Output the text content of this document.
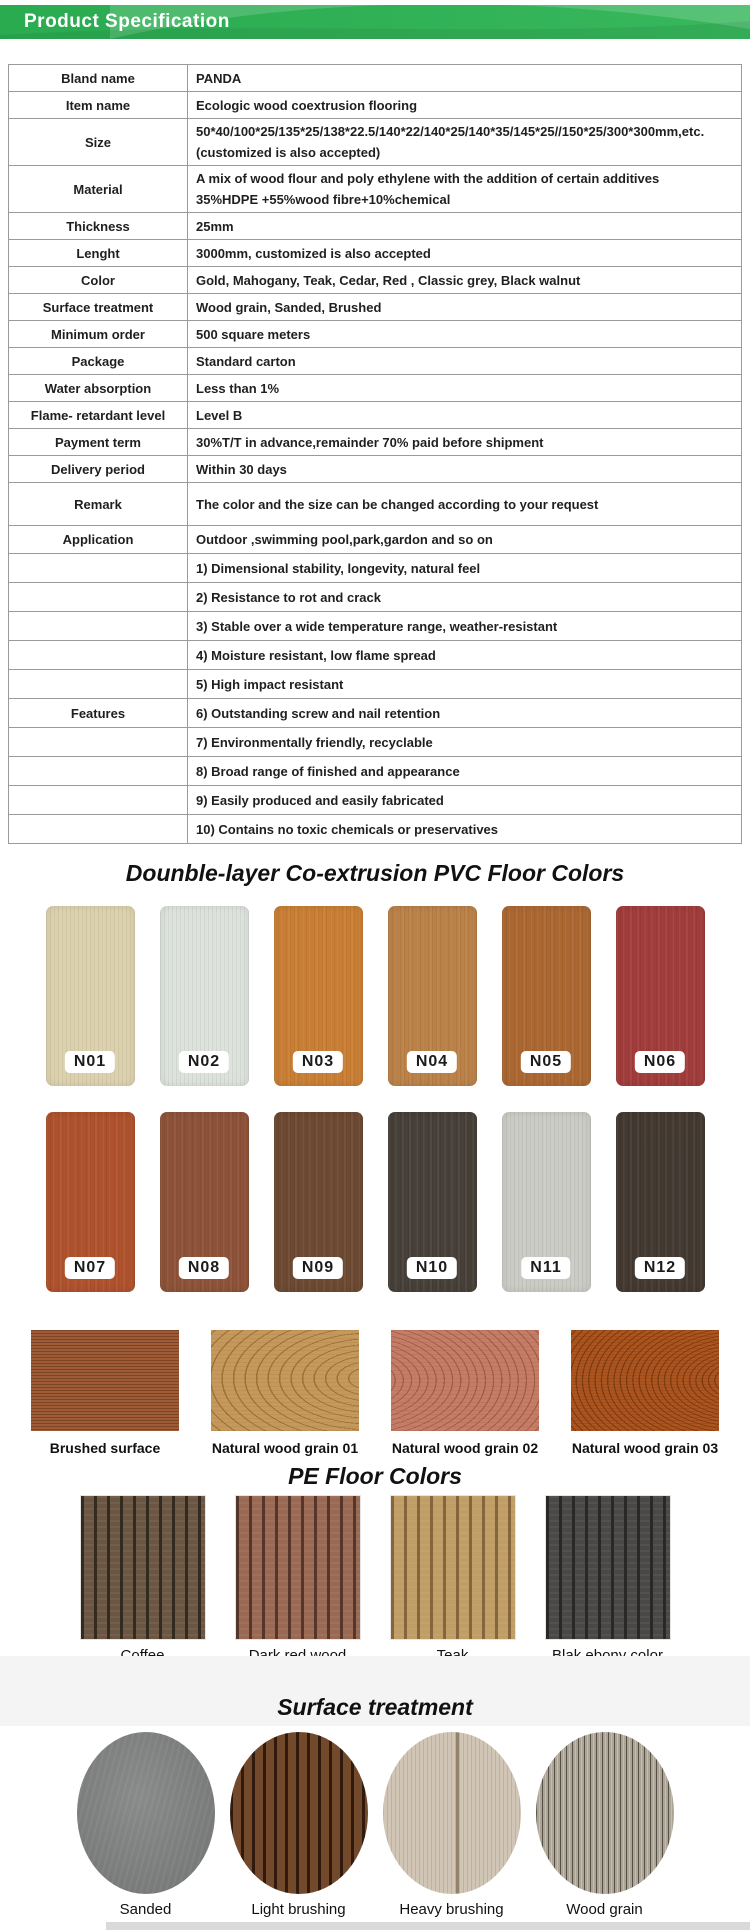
Product Specification
Bland name	PANDA
Item name	Ecologic wood coextrusion flooring
Size	50*40/100*25/135*25/138*22.5/140*22/140*25/140*35/145*25//150*25/300*300mm,etc.
(customized is also accepted)

Material	A mix of wood flour and poly ethylene with the addition of certain additives
35%HDPE +55%wood fibre+10%chemical

Thickness	25mm
Lenght	3000mm, customized is also accepted
Color	Gold, Mahogany, Teak, Cedar, Red , Classic grey, Black walnut
Surface treatment	Wood grain, Sanded, Brushed
Minimum order	500 square meters
Package	Standard carton
Water absorption	Less than 1%
Flame- retardant level	Level B
Payment term	30%T/T in advance,remainder 70% paid before shipment
Delivery period	Within 30 days
Remark	The color and the size can be changed according to your request
Application	Outdoor ,swimming pool,park,gardon and so on
	1) Dimensional stability, longevity, natural feel
	2) Resistance to rot and crack
	3) Stable over a wide temperature range, weather-resistant
	4) Moisture resistant, low flame spread
	5) High impact resistant
Features	6) Outstanding screw and nail retention
	7) Environmentally friendly, recyclable
	8) Broad range of finished and appearance
	9) Easily produced and easily fabricated
	10) Contains no toxic chemicals or preservatives
Dounble-layer Co-extrusion PVC Floor Colors
N01	N02	N03	N04	N05	N06
N07	N08	N09	N10	N11	N12
Brushed surface	Natural wood grain 01 Natural wood grain 02 Natural wood grain 03
PE Floor Colors
Surface treatment
Sanded	Light brushing	Heavy brushing	Wood grain
